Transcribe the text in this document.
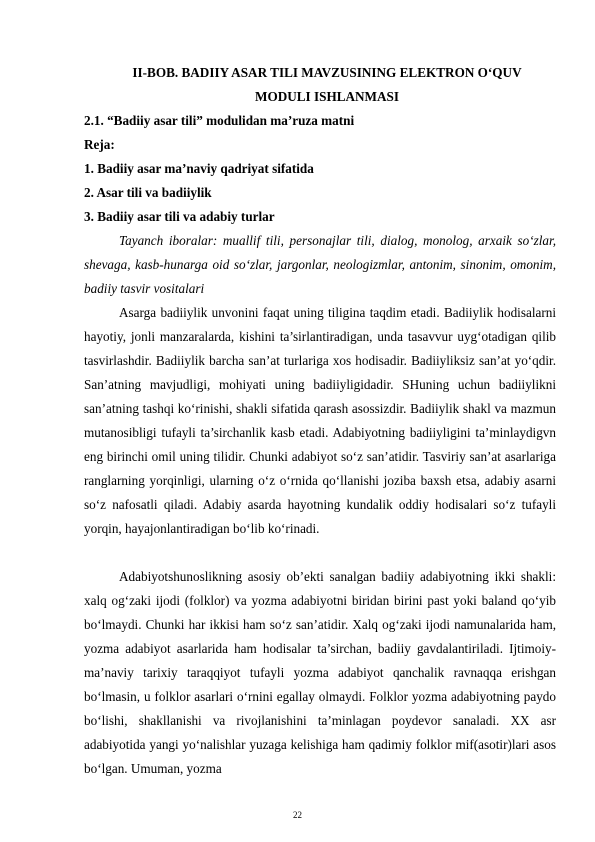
II-BOB. BADIIY ASAR TILI MAVZUSINING ELEKTRON O‘QUV
MODULI ISHLANMASI
2.1. “Badiiy asar tili” modulidan ma’ruza matni
Reja:
1. Badiiy asar ma’naviy qadriyat sifatida
2. Asar tili va badiiylik
3. Badiiy asar tili va adabiy turlar

Tayanch iboralar: muallif tili, personajlar tili, dialog, monolog, arxaik so‘zlar, shevaga, kasb-hunarga oid so‘zlar, jargonlar, neologizmlar, antonim, sinonim, omonim, badiiy tasvir vositalari

Asarga badiiylik unvonini faqat uning tiligina taqdim etadi. Badiiylik hodisalarni hayotiy, jonli manzaralarda, kishini ta’sirlantiradigan, unda tasavvur uyg‘otadigan qilib tasvirlashdir. Badiiylik barcha san’at turlariga xos hodisadir. Badiiyliksiz san’at yo‘qdir. San’atning mavjudligi, mohiyati uning badiiyligidadir. SHuning uchun badiiylikni san’atning tashqi ko‘rinishi, shakli sifatida qarash asossizdir. Badiiylik shakl va mazmun mutanosibligi tufayli ta’sirchanlik kasb etadi. Adabiyotning badiiyligini ta’minlaydigvn eng birinchi omil uning tilidir. Chunki adabiyot so‘z san’atidir. Tasviriy san’at asarlariga ranglarning yorqinligi, ularning o‘z o‘rnida qo‘llanishi joziba baxsh etsa, adabiy asarni so‘z nafosatli qiladi. Adabiy asarda hayotning kundalik oddiy hodisalari so‘z tufayli yorqin, hayajonlantiradigan bo‘lib ko‘rinadi.

Adabiyotshunoslikning asosiy ob’ekti sanalgan badiiy adabiyotning ikki shakli: xalq og‘zaki ijodi (folklor) va yozma adabiyotni biridan birini past yoki baland qo‘yib bo‘lmaydi. Chunki har ikkisi ham so‘z san’atidir. Xalq og‘zaki ijodi namunalarida ham, yozma adabiyot asarlarida ham hodisalar ta’sirchan, badiiy gavdalantiriladi. Ijtimoiy-ma’naviy tarixiy taraqqiyot tufayli yozma adabiyot qanchalik ravnaqqa erishgan bo‘lmasin, u folklor asarlari o‘rnini egallay olmaydi. Folklor yozma adabiyotning paydo bo‘lishi, shakllanishi va rivojlanishini ta’minlagan poydevor sanaladi. XX asr adabiyotida yangi yo‘nalishlar yuzaga kelishiga ham qadimiy folklor mif(asotir)lari asos bo‘lgan. Umuman, yozma

22
